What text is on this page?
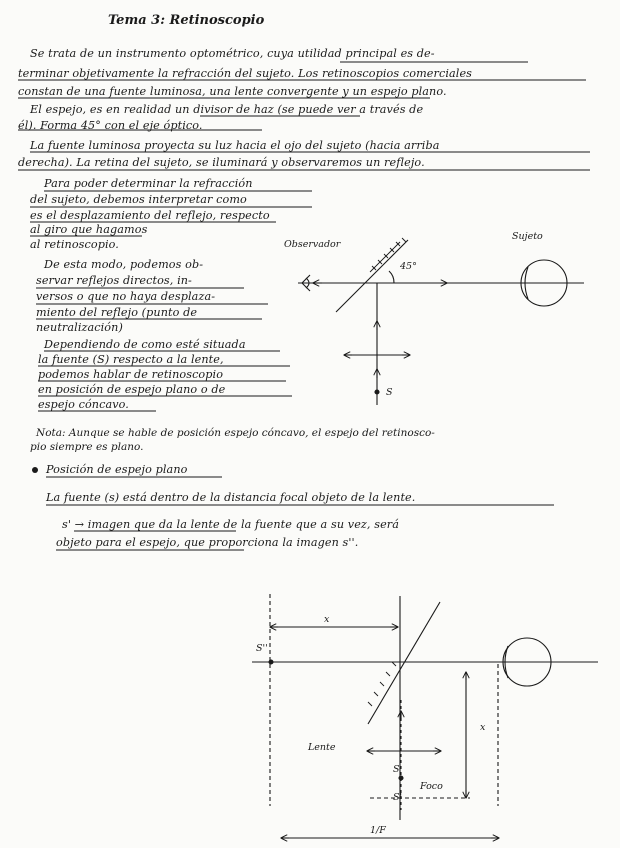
Tema 3: Retinoscopio
Se trata de un instrumento optométrico, cuya utilidad principal es de-
terminar objetivamente la refracción del sujeto. Los retinoscopios comerciales
constan de una fuente luminosa, una lente convergente y un espejo plano.
El espejo, es en realidad un divisor de haz (se puede ver a través de
él). Forma 45° con el eje óptico.
La fuente luminosa proyecta su luz hacia el ojo del sujeto (hacia arriba
derecha). La retina del sujeto, se iluminará y observaremos un reflejo.
Para poder determinar la refracción
del sujeto, debemos interpretar como
es el desplazamiento del reflejo, respecto
al giro que hagamos
al retinoscopio.
De esta modo, podemos ob-
servar reflejos directos, in-
versos o que no haya desplaza-
miento del reflejo (punto de
neutralización)
Dependiendo de como esté situada
la fuente (S) respecto a la lente,
podemos hablar de retinoscopio
en posición de espejo plano o de
espejo cóncavo.
Nota: Aunque se hable de posición espejo cóncavo, el espejo del retinosco-
pio siempre es plano.
Posición de espejo plano
La fuente (s) está dentro de la distancia focal objeto de la lente.
s' → imagen que da la lente de la fuente que a su vez, será
objeto para el espejo, que proporciona la imagen s''.
Observador
Sujeto
45°
S
x
S''
x
Lente
S
Foco
S'
1/F
